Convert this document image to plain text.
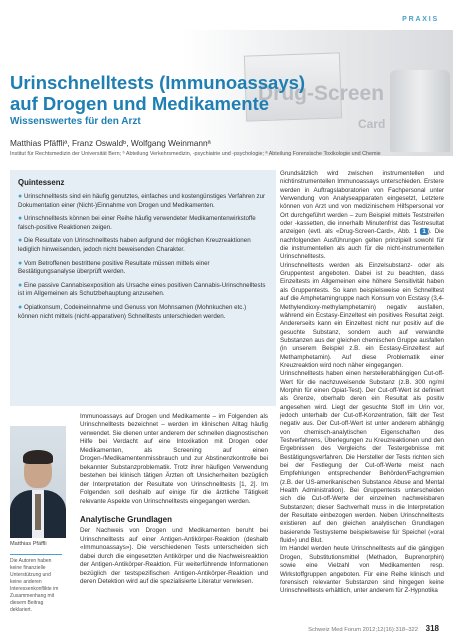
PRAXIS
Drug-Screen
Card
Urinschnelltests (Immunoassays)
auf Drogen und Medikamente
Wissenswertes für den Arzt
Matthias Pfäffliª, Franz Oswaldᵇ, Wolfgang Weinmannª
Institut für Rechtsmedizin der Universität Bern; ᵇ Abteilung Verkehrsmedizin, -psychiatrie und -psychologie; ª Abteilung Forensische Toxikologie und Chemie
Quintessenz
● Urinschnelltests sind ein häufig genutztes, einfaches und kostengünstiges Verfahren zur Dokumentation einer (Nicht-)Einnahme von Drogen und Medikamenten.
● Urinschnelltests können bei einer Reihe häufig verwendeter Medikamentenwirkstoffe falsch-positive Reaktionen zeigen.
● Die Resultate von Urinschnelltests haben aufgrund der möglichen Kreuzreaktionen lediglich hinweisenden, jedoch nicht beweisenden Charakter.
● Vom Betroffenen bestrittene positive Resultate müssen mittels einer Bestätigungsanalyse überprüft werden.
● Eine passive Cannabisexposition als Ursache eines positiven Cannabis-Urinschnelltests ist im Allgemeinen als Schutzbehauptung anzusehen.
● Opiatkonsum, Codeineinnahme und Genuss von Mohnsamen (Mohnkuchen etc.) können nicht mittels (nicht-apparativen) Schnelltests unterschieden werden.
Matthias Pfäffli
Die Autoren haben keine finanzielle Unterstützung und keine anderen Interessenkonflikte im Zusammenhang mit diesem Beitrag deklariert.

Immunoassays auf Drogen und Medikamente – im Folgenden als Urinschnelltests bezeichnet – werden im klinischen Alltag häufig verwendet. Sie dienen unter anderem der schnellen diagnostischen Hilfe bei Verdacht auf eine Intoxikation mit Drogen oder Medikamenten, als Screening auf einen Drogen-/Medikamentenmissbrauch und zur Abstinenzkontrolle bei bekannter Substanzproblematik. Trotz ihrer häufigen Verwendung bestehen bei klinisch tätigen Ärzten oft Unsicherheiten bezüglich der Interpretation der Resultate von Urinschnelltests [1, 2]. Im Folgenden soll deshalb auf einige für die ärztliche Tätigkeit relevante Aspekte von Urinschnelltests eingegangen werden.

Analytische Grundlagen

Der Nachweis von Drogen und Medikamenten beruht bei Urinschnelltests auf einer Antigen-Antikörper-Reaktion (deshalb «Immunoassays»). Die verschiedenen Tests unterscheiden sich dabei durch die eingesetzten Antikörper und die Nachweisreaktion der Antigen-Antikörper-Reaktion. Für weiterführende Informationen bezüglich der testspezifischen Antigen-Antikörper-Reaktion und deren Detektion wird auf die spezialisierte Literatur verwiesen.

Grundsätzlich wird zwischen instrumentellen und nichtinstrumentellen Immunoassays unterschieden. Erstere werden in Auftragslaboratorien von Fachpersonal unter Verwendung von Analyseapparaten eingesetzt, Letztere können von Arzt und von medizinischem Hilfspersonal vor Ort durchgeführt werden – zum Beispiel mittels Teststreifen oder -kassetten, die innerhalb Minutenfrist das Testresultat anzeigen (evtl. als «Drug-Screen-Card», Abb. 1 1 ). Die nachfolgenden Ausführungen gelten prinzipiell sowohl für die instrumentellen als auch für die nicht-instrumentellen Urinschnelltests.

Urinschnelltests werden als Einzelsubstanz- oder als Gruppentest angeboten. Dabei ist zu beachten, dass Einzeltests im Allgemeinen eine höhere Sensitivität haben als Gruppentests. So kann beispielsweise ein Schnelltest auf die Amphetamingruppe nach Konsum von Ecstasy (3,4-Methylendioxy-methylamphetamin) negativ ausfallen, während ein Ecstasy-Einzeltest ein positives Resultat zeigt. Andererseits kann ein Einzeltest nicht nur positiv auf die gesuchte Substanz, sondern auch auf verwandte Substanzen aus der gleichen chemischen Gruppe ausfallen (in unserem Beispiel z.B. ein Ecstasy-Einzeltest auf Methamphetamin). Auf diese Problematik einer Kreuzreaktion wird noch näher eingegangen.

Urinschnelltests haben einen herstellerabhängigen Cut-off-Wert für die nachzuweisende Substanz (z.B. 300 ng/ml Morphin für einen Opiat-Test). Der Cut-off-Wert ist definiert als Grenze, oberhalb deren ein Resultat als positiv angesehen wird. Liegt der gesuchte Stoff im Urin vor, jedoch unterhalb der Cut-off-Konzentration, fällt der Test negativ aus. Der Cut-off-Wert ist unter anderem abhängig von chemisch-analytischen Eigenschaften des Testverfahrens, Überlegungen zu Kreuzreaktionen und den Ergebnissen des Vergleichs der Testergebnisse mit Bestätigungsverfahren. Die Hersteller der Tests richten sich bei der Festlegung der Cut-off-Werte meist nach Empfehlungen entsprechender Behörden/Fachgremien (z.B. der US-amerikanischen Substance Abuse and Mental Health Administration). Bei Gruppentests unterscheiden sich die Cut-off-Werte der einzelnen nachweisbaren Substanzen; dieser Sachverhalt muss in die Interpretation der Resultate einbezogen werden. Neben Urinschnelltests existieren auf den gleichen analytischen Grundlagen basierende Testsysteme beispielsweise für Speichel («oral fluid») und Blut.

Im Handel werden heute Urinschnelltests auf die gängigen Drogen, Substitutionsmittel (Methadon, Buprenorphin) sowie eine Vielzahl von Medikamenten resp. Wirkstoffgruppen angeboten. Für eine Reihe klinisch und forensisch relevanter Substanzen sind hingegen keine Urinschnelltests erhältlich, unter anderem für Z-Hypnotika

Schweiz Med Forum 2012;12(16):318–322 318
